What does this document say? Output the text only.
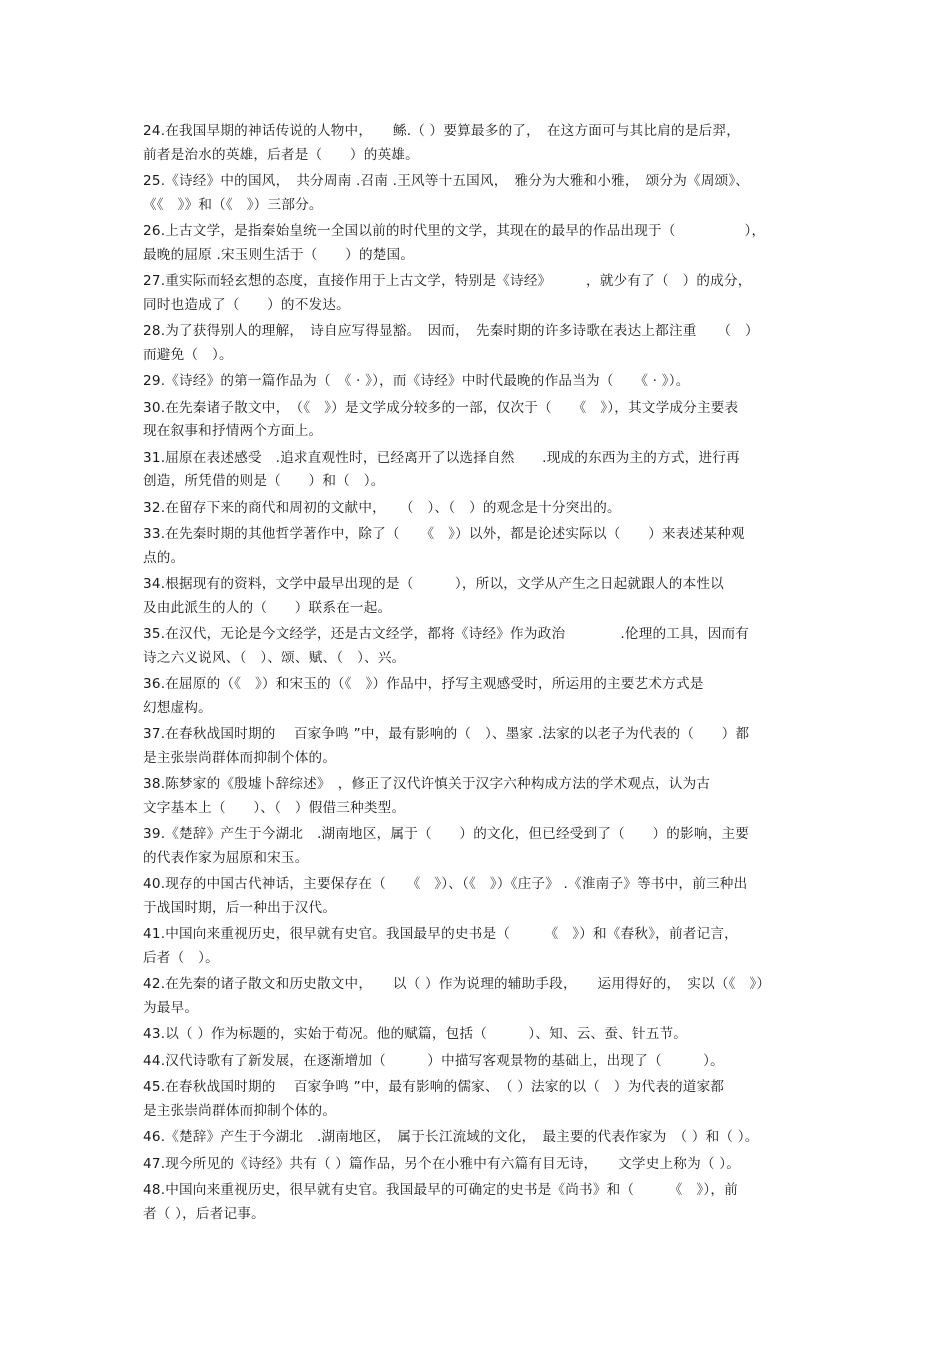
24.在我国早期的神话传说的人物中，　　鲧.（ ）要算最多的了，　在这方面可与其比肩的是后羿，
前者是治水的英雄，后者是（　　）的英雄。
25.《诗经》中的国风，　共分周南 .召南 .王风等十五国风，　雅分为大雅和小雅，　颂分为《周颂》、
《《　》》和（《　》）三部分。
26.上古文学，是指秦始皇统一全国以前的时代里的文学，其现在的最早的作品出现于（　　　　　），
最晚的屈原 .宋玉则生活于（　　）的楚国。
27.重实际而轻玄想的态度，直接作用于上古文学，特别是《诗经》　　　，就少有了（　）的成分，
同时也造成了（　　）的不发达。
28.为了获得别人的理解，　诗自应写得显豁。　因而，　先秦时期的许多诗歌在表达上都注重　　（　）
而避免（　）。
29.《诗经》的第一篇作品为（　《 · 》），而《诗经》中时代最晚的作品当为（　　《 · 》）。
30.在先秦诸子散文中，　（《　》）是文学成分较多的一部，仅次于（　　《　》），其文学成分主要表
现在叙事和抒情两个方面上。
31.屈原在表述感受　.追求直观性时，已经离开了以选择自然　　.现成的东西为主的方式，进行再
创造，所凭借的则是（　　）和（　）。
32.在留存下来的商代和周初的文献中，　　（　）、（　）的观念是十分突出的。
33.在先秦时期的其他哲学著作中，除了（　　《　》）以外，都是论述实际以（　　）来表述某种观
点的。
34.根据现有的资料，文学中最早出现的是（　　　），所以，文学从产生之日起就跟人的本性以
及由此派生的人的（　　）联系在一起。
35.在汉代，无论是今文经学，还是古文经学，都将《诗经》作为政治　　　　.伦理的工具，因而有
诗之六义说风、（　）、颂、赋、（　）、兴。
36.在屈原的（《　》）和宋玉的（《　》）作品中，抒写主观感受时，所运用的主要艺术方式是
幻想虚构。
37.在春秋战国时期的　 百家争鸣 ”中，最有影响的（　）、墨家 .法家的以老子为代表的（　　）都
是主张崇尚群体而抑制个体的。
38.陈梦家的《殷墟卜辞综述》　，修正了汉代许慎关于汉字六种构成方法的学术观点，认为古
文字基本上（　　）、（　）假借三种类型。
39.《楚辞》产生于今湖北　.湖南地区，属于（　　）的文化，但已经受到了（　　）的影响，主要
的代表作家为屈原和宋玉。
40.现存的中国古代神话，主要保存在（　　《　》）、（《　》）《庄子》 .《淮南子》等书中，前三种出
于战国时期，后一种出于汉代。
41.中国向来重视历史，很早就有史官。我国最早的史书是（　　　《　》）和《春秋》，前者记言，
后者（　）。
42.在先秦的诸子散文和历史散文中，　　以（ ）作为说理的辅助手段，　　运用得好的，　实以（《　》）
为最早。
43.以（ ）作为标题的，实始于荀况。他的赋篇，包括（　　　）、知、云、蚕、针五节。
44.汉代诗歌有了新发展，在逐渐增加（　　　）中描写客观景物的基础上，出现了（　　　）。
45.在春秋战国时期的　 百家争鸣 ”中，最有影响的儒家、　（ ）法家的以（　）为代表的道家都
是主张崇尚群体而抑制个体的。
46.《楚辞》产生于今湖北　.湖南地区，　属于长江流域的文化，　最主要的代表作家为　（ ）和（ ）。
47.现今所见的《诗经》共有（ ）篇作品，另个在小雅中有六篇有目无诗，　　文学史上称为（ ）。
48.中国向来重视历史，很早就有史官。我国最早的可确定的史书是《尚书》和（　　　《　》），前
者（ ），后者记事。
